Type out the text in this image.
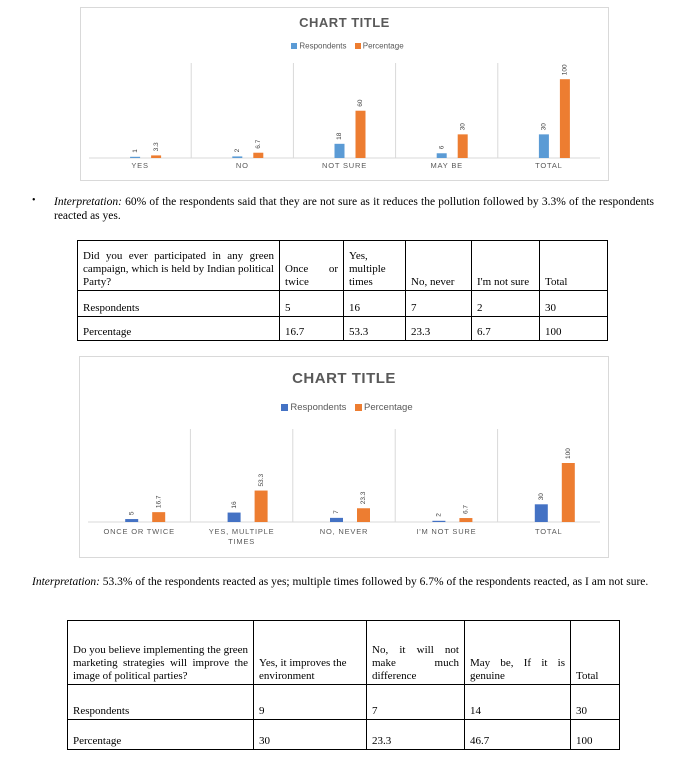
CHART TITLE
Respondents Percentage
1 3.3
YES
2
6.7
NO
18
60
NOT SURE
6
30
MAY BE
30
100
TOTAL
• Interpretation: 60% of the respondents said that they are not sure as it reduces the pollution followed by 3.3% of the respondents reacted as yes.
Did you ever participated in any green campaign, which is held by Indian political Party?	Once or twice	Yes, multiple times	No, never	I'm not sure	Total
Respondents	5	16	7	2	30
Percentage	16.7	53.3	23.3	6.7	100
CHART TITLE
Respondents Percentage
5
16.7
ONCE OR TWICE
16
53.3
YES, MULTIPLE
TIMES
7
23.3
NO, NEVER
2
6.7
I'M NOT SURE
30
100
TOTAL
Interpretation: 53.3% of the respondents reacted as yes; multiple times followed by 6.7% of the respondents reacted, as I am not sure.
Do you believe implementing the green marketing strategies will improve the image of political parties?	Yes, it improves the environment	No, it will not make much difference	May be, If it is genuine	Total
Respondents	9	7	14	30
Percentage	30	23.3	46.7	100
